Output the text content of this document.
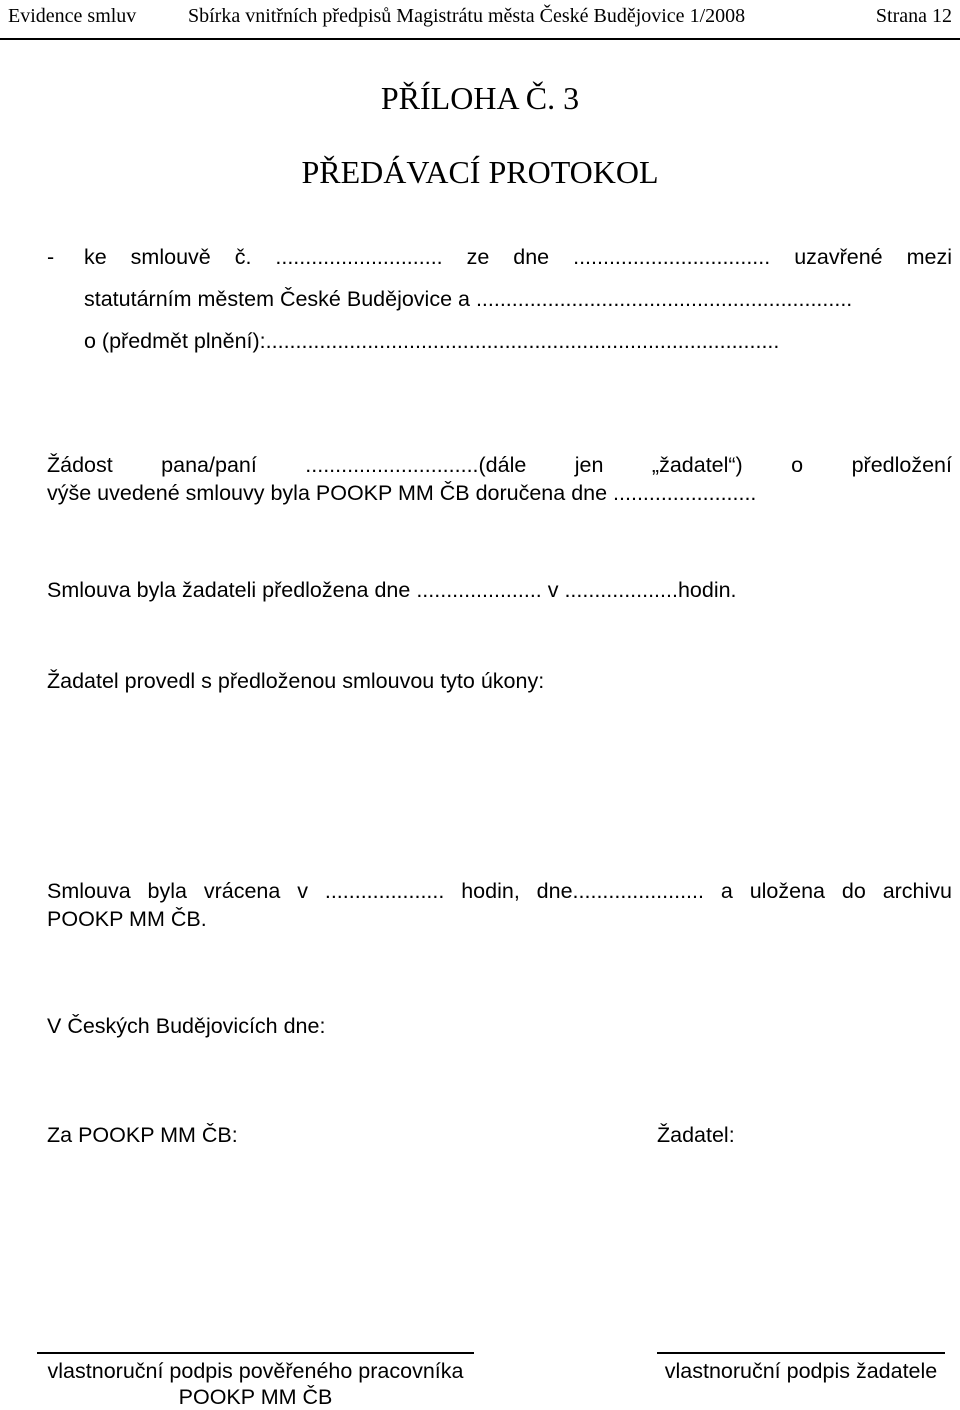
Evidence smluv	Sbírka vnitřních předpisů Magistrátu města České Budějovice 1/2008	Strana 12
PŘÍLOHA Č. 3
PŘEDÁVACÍ PROTOKOL
- ke smlouvě č. ............................ ze dne ................................. uzavřené mezi
statutárním městem České Budějovice a ...............................................................
o (předmět plnění):......................................................................................
Žádost pana/paní .............................(dále jen „žadatel“) o předložení
výše uvedené smlouvy byla POOKP MM ČB doručena dne ........................
Smlouva byla žadateli předložena dne ..................... v ...................hodin.
Žadatel provedl s předloženou smlouvou tyto úkony:
Smlouva byla vrácena v .................... hodin, dne...................... a uložena do archivu
POOKP MM ČB.
V Českých Budějovicích dne:
Za POOKP MM ČB:	Žadatel:
vlastnoruční podpis pověřeného pracovníka
POOKP MM ČB
vlastnoruční podpis žadatele
